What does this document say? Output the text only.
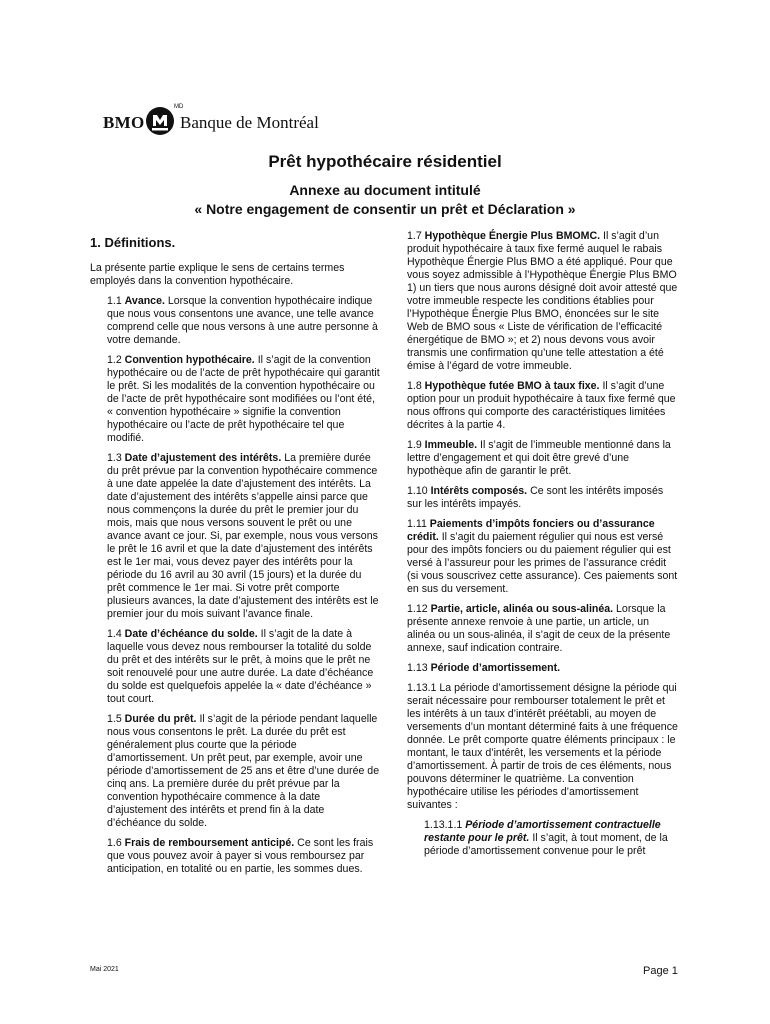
BMO
MD
Banque de Montréal
Prêt hypothécaire résidentiel
Annexe au document intitulé
« Notre engagement de consentir un prêt et Déclaration »
1. Définitions.

La présente partie explique le sens de certains termes employés dans la convention hypothécaire.

1.1 Avance. Lorsque la convention hypothécaire indique que nous vous consentons une avance, une telle avance comprend celle que nous versons à une autre personne à votre demande.

1.2 Convention hypothécaire. Il s’agit de la convention hypothécaire ou de l’acte de prêt hypothécaire qui garantit le prêt. Si les modalités de la convention hypothécaire ou de l’acte de prêt hypothécaire sont modifiées ou l’ont été, « convention hypothécaire » signifie la convention hypothécaire ou l’acte de prêt hypothécaire tel que modifié.

1.3 Date d’ajustement des intérêts. La première durée du prêt prévue par la convention hypothécaire commence à une date appelée la date d’ajustement des intérêts. La date d’ajustement des intérêts s’appelle ainsi parce que nous commençons la durée du prêt le premier jour du mois, mais que nous versons souvent le prêt ou une avance avant ce jour. Si, par exemple, nous vous versons le prêt le 16 avril et que la date d’ajustement des intérêts est le 1er mai, vous devez payer des intérêts pour la période du 16 avril au 30 avril (15 jours) et la durée du prêt commence le 1er mai. Si votre prêt comporte plusieurs avances, la date d’ajustement des intérêts est le premier jour du mois suivant l’avance finale.

1.4 Date d’échéance du solde. Il s’agit de la date à laquelle vous devez nous rembourser la totalité du solde du prêt et des intérêts sur le prêt, à moins que le prêt ne soit renouvelé pour une autre durée. La date d’échéance du solde est quelquefois appelée la « date d’échéance » tout court.

1.5 Durée du prêt. Il s’agit de la période pendant laquelle nous vous consentons le prêt. La durée du prêt est généralement plus courte que la période d’amortissement. Un prêt peut, par exemple, avoir une période d’amortissement de 25 ans et être d’une durée de cinq ans. La première durée du prêt prévue par la convention hypothécaire commence à la date d’ajustement des intérêts et prend fin à la date d’échéance du solde.

1.6 Frais de remboursement anticipé. Ce sont les frais que vous pouvez avoir à payer si vous remboursez par anticipation, en totalité ou en partie, les sommes dues.

1.7 Hypothèque Énergie Plus BMOMC. Il s’agit d’un produit hypothécaire à taux fixe fermé auquel le rabais Hypothèque Énergie Plus BMO a été appliqué. Pour que vous soyez admissible à l’Hypothèque Énergie Plus BMO 1) un tiers que nous aurons désigné doit avoir attesté que votre immeuble respecte les conditions établies pour l’Hypothèque Énergie Plus BMO, énoncées sur le site Web de BMO sous « Liste de vérification de l’efficacité énergétique de BMO »; et 2) nous devons vous avoir transmis une confirmation qu’une telle attestation a été émise à l’égard de votre immeuble.

1.8 Hypothèque futée BMO à taux fixe. Il s’agit d’une option pour un produit hypothécaire à taux fixe fermé que nous offrons qui comporte des caractéristiques limitées décrites à la partie 4.

1.9 Immeuble. Il s’agit de l’immeuble mentionné dans la lettre d’engagement et qui doit être grevé d’une hypothèque afin de garantir le prêt.

1.10 Intérêts composés. Ce sont les intérêts imposés sur les intérêts impayés.

1.11 Paiements d’impôts fonciers ou d’assurance crédit. Il s’agit du paiement régulier qui nous est versé pour des impôts fonciers ou du paiement régulier qui est versé à l’assureur pour les primes de l’assurance crédit (si vous souscrivez cette assurance). Ces paiements sont en sus du versement.

1.12 Partie, article, alinéa ou sous-alinéa. Lorsque la présente annexe renvoie à une partie, un article, un alinéa ou un sous-alinéa, il s’agit de ceux de la présente annexe, sauf indication contraire.

1.13 Période d’amortissement.

1.13.1 La période d’amortissement désigne la période qui serait nécessaire pour rembourser totalement le prêt et les intérêts à un taux d’intérêt préétabli, au moyen de versements d’un montant déterminé faits à une fréquence donnée. Le prêt comporte quatre éléments principaux : le montant, le taux d’intérêt, les versements et la période d’amortissement. À partir de trois de ces éléments, nous pouvons déterminer le quatrième. La convention hypothécaire utilise les périodes d’amortissement suivantes :

1.13.1.1 Période d’amortissement contractuelle restante pour le prêt. Il s’agit, à tout moment, de la période d’amortissement convenue pour le prêt

Mai 2021	Page 1
